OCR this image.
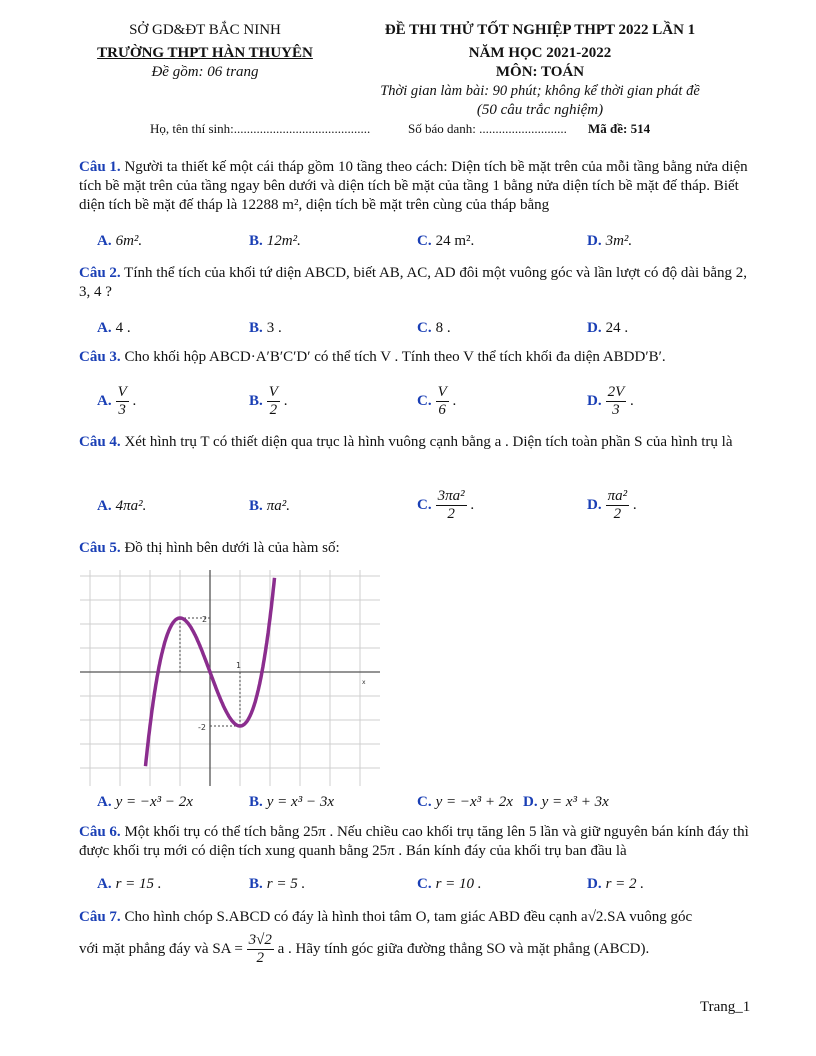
SỞ GD&ĐT BẮC NINH
TRƯỜNG THPT HÀN THUYÊN
Đề gồm: 06 trang
ĐỀ THI THỬ TỐT NGHIỆP THPT 2022 LẦN 1
NĂM HỌC 2021-2022
MÔN: TOÁN
Thời gian làm bài: 90 phút; không kể thời gian phát đề
(50 câu trắc nghiệm)
Họ, tên thí sinh:..........................................	Số báo danh: ........................... Mã đề: 514
Câu 1. Người ta thiết kế một cái tháp gồm 10 tầng theo cách: Diện tích bề mặt trên của mỗi tầng bằng nửa diện tích bề mặt trên của tầng ngay bên dưới và diện tích bề mặt của tầng 1 bằng nửa diện tích bề mặt đế tháp. Biết diện tích bề mặt đế tháp là 12288 m², diện tích bề mặt trên cùng của tháp bằng
A. 6m².	B. 12m².	C. 24 m².	D. 3m².
Câu 2. Tính thể tích của khối tứ diện ABCD, biết AB, AC, AD đôi một vuông góc và lần lượt có độ dài bằng 2, 3, 4 ?
A. 4 .	B. 3 .	C. 8 .	D. 24 .
Câu 3. Cho khối hộp ABCD·A′B′C′D′ có thể tích V . Tính theo V thể tích khối đa diện ABDD′B′.
A. $\frac{V}{3}$ .	B. $\frac{V}{2}$ .	C. $\frac{V}{6}$ .	D. $\frac{2V}{3}$ .
Câu 4. Xét hình trụ T có thiết diện qua trục là hình vuông cạnh bằng a . Diện tích toàn phần S của hình trụ là
A. 4πa².	B. πa².	C. $\frac{\text{3πa²}}{2}$ .	D. $\frac{\text{πa²}}{2}$ .
Câu 5. Đồ thị hình bên dưới là của hàm số:
2
1
-2
x
A. y = −x³ − 2x	B. y = x³ − 3x	C. y = −x³ + 2x D. y = x³ + 3x
Câu 6. Một khối trụ có thể tích bằng 25π . Nếu chiều cao khối trụ tăng lên 5 lần và giữ nguyên bán kính đáy thì được khối trụ mới có diện tích xung quanh bằng 25π . Bán kính đáy của khối trụ ban đầu là
A. r = 15 .	B. r = 5 .	C. r = 10 .	D. r = 2 .
Câu 7. Cho hình chóp S.ABCD có đáy là hình thoi tâm O, tam giác ABD đều cạnh a√2.SA vuông góc
với mặt phẳng đáy và SA = $\frac{3√2}{2}$ a . Hãy tính góc giữa đường thẳng SO và mặt phẳng (ABCD).
Trang_1
